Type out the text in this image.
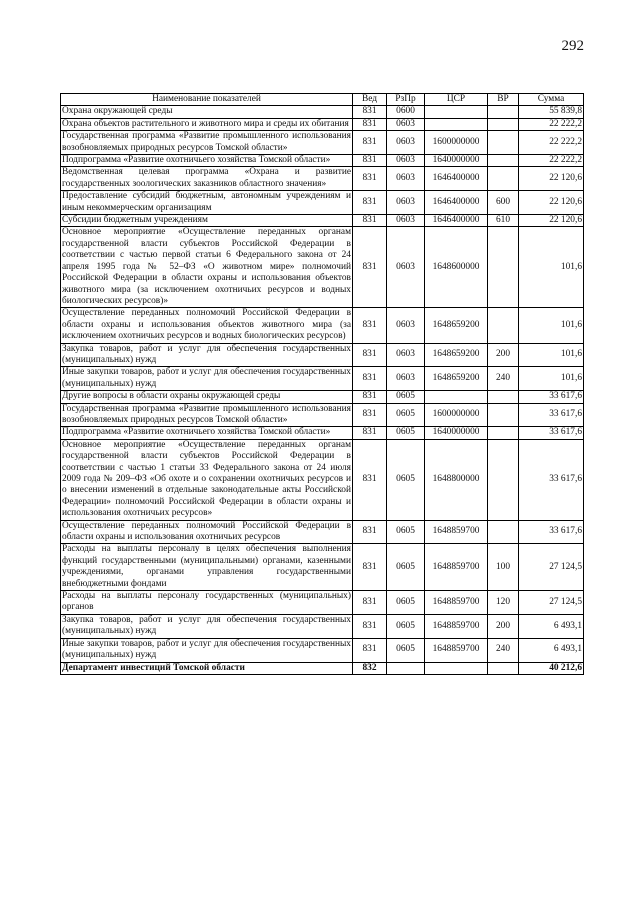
292
Наименование показателей	Вед	РзПр	ЦСР	ВР	Сумма
Охрана окружающей среды	831	0600			55 839,8
Охрана объектов растительного и животного мира и среды их обитания	831	0603			22 222,2
Государственная программа «Развитие промышленного использования возобновляемых природных ресурсов Томской области»	831	0603	1600000000		22 222,2
Подпрограмма «Развитие охотничьего хозяйства Томской области»	831	0603	1640000000		22 222,2
Ведомственная целевая программа «Охрана и развитие государственных зоологических заказников областного значения»	831	0603	1646400000		22 120,6
Предоставление субсидий бюджетным, автономным учреждениям и иным некоммерческим организациям	831	0603	1646400000	600	22 120,6
Субсидии бюджетным учреждениям	831	0603	1646400000	610	22 120,6
Основное мероприятие «Осуществление переданных органам государственной власти субъектов Российской Федерации в соответствии с частью первой статьи 6 Федерального закона от 24 апреля 1995 года № 52–ФЗ «О животном мире» полномочий Российской Федерации в области охраны и использования объектов животного мира (за исключением охотничьих ресурсов и водных биологических ресурсов)»	831	0603	1648600000		101,6
Осуществление переданных полномочий Российской Федерации в области охраны и использования объектов животного мира (за исключением охотничьих ресурсов и водных биологических ресурсов)	831	0603	1648659200		101,6
Закупка товаров, работ и услуг для обеспечения государственных (муниципальных) нужд	831	0603	1648659200	200	101,6
Иные закупки товаров, работ и услуг для обеспечения государственных (муниципальных) нужд	831	0603	1648659200	240	101,6
Другие вопросы в области охраны окружающей среды	831	0605			33 617,6
Государственная программа «Развитие промышленного использования возобновляемых природных ресурсов Томской области»	831	0605	1600000000		33 617,6
Подпрограмма «Развитие охотничьего хозяйства Томской области»	831	0605	1640000000		33 617,6
Основное мероприятие «Осуществление переданных органам государственной власти субъектов Российской Федерации в соответствии с частью 1 статьи 33 Федерального закона от 24 июля 2009 года № 209–ФЗ «Об охоте и о сохранении охотничьих ресурсов и о внесении изменений в отдельные законодательные акты Российской Федерации» полномочий Российской Федерации в области охраны и использования охотничьих ресурсов»	831	0605	1648800000		33 617,6
Осуществление переданных полномочий Российской Федерации в области охраны и использования охотничьих ресурсов	831	0605	1648859700		33 617,6
Расходы на выплаты персоналу в целях обеспечения выполнения функций государственными (муниципальными) органами, казенными учреждениями, органами управления государственными внебюджетными фондами	831	0605	1648859700	100	27 124,5
Расходы на выплаты персоналу государственных (муниципальных) органов	831	0605	1648859700	120	27 124,5
Закупка товаров, работ и услуг для обеспечения государственных (муниципальных) нужд	831	0605	1648859700	200	6 493,1
Иные закупки товаров, работ и услуг для обеспечения государственных (муниципальных) нужд	831	0605	1648859700	240	6 493,1
Департамент инвестиций Томской области	832				40 212,6
